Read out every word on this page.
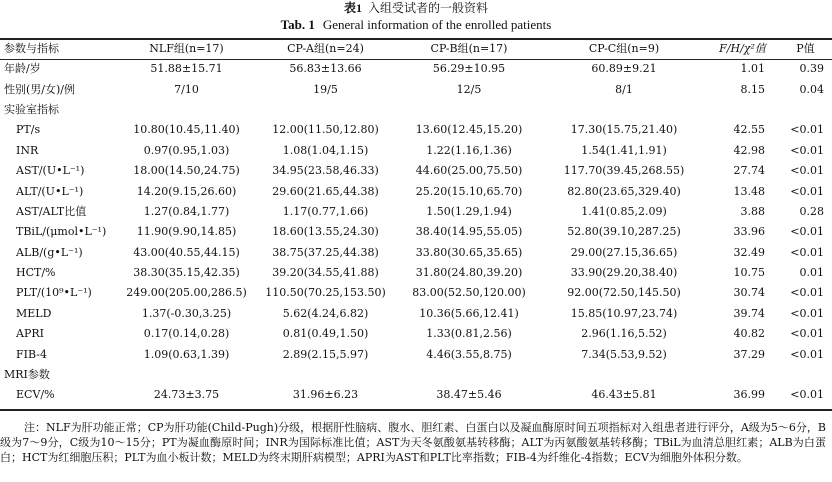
表1 入组受试者的一般资料
Tab. 1 General information of the enrolled patients
参数与指标	NLF组(n=17)	CP-A组(n=24)	CP-B组(n=17)	CP-C组(n=9)	F/H/χ²值	P值
年龄/岁	51.88±15.71	56.83±13.66	56.29±10.95	60.89±9.21	1.01	0.39
性别(男/女)/例	7/10	19/5	12/5	8/1	8.15	0.04
实验室指标						
PT/s	10.80(10.45,11.40)	12.00(11.50,12.80)	13.60(12.45,15.20)	17.30(15.75,21.40)	42.55	<0.01
INR	0.97(0.95,1.03)	1.08(1.04,1.15)	1.22(1.16,1.36)	1.54(1.41,1.91)	42.98	<0.01
AST/(U•L⁻¹)	18.00(14.50,24.75)	34.95(23.58,46.33)	44.60(25.00,75.50)	117.70(39.45,268.55)	27.74	<0.01
ALT/(U•L⁻¹)	14.20(9.15,26.60)	29.60(21.65,44.38)	25.20(15.10,65.70)	82.80(23.65,329.40)	13.48	<0.01
AST/ALT比值	1.27(0.84,1.77)	1.17(0.77,1.66)	1.50(1.29,1.94)	1.41(0.85,2.09)	3.88	0.28
TBiL/(μmol•L⁻¹)	11.90(9.90,14.85)	18.60(13.55,24.30)	38.40(14.95,55.05)	52.80(39.10,287.25)	33.96	<0.01
ALB/(g•L⁻¹)	43.00(40.55,44.15)	38.75(37.25,44.38)	33.80(30.65,35.65)	29.00(27.15,36.65)	32.49	<0.01
HCT/%	38.30(35.15,42.35)	39.20(34.55,41.88)	31.80(24.80,39.20)	33.90(29.20,38.40)	10.75	0.01
PLT/(10⁹•L⁻¹)	249.00(205.00,286.5)	110.50(70.25,153.50)	83.00(52.50,120.00)	92.00(72.50,145.50)	30.74	<0.01
MELD	1.37(-0.30,3.25)	5.62(4.24,6.82)	10.36(5.66,12.41)	15.85(10.97,23.74)	39.74	<0.01
APRI	0.17(0.14,0.28)	0.81(0.49,1.50)	1.33(0.81,2.56)	2.96(1.16,5.52)	40.82	<0.01
FIB-4	1.09(0.63,1.39)	2.89(2.15,5.97)	4.46(3.55,8.75)	7.34(5.53,9.52)	37.29	<0.01
MRI参数						
ECV/%	24.73±3.75	31.96±6.23	38.47±5.46	46.43±5.81	36.99	<0.01
注：NLF为肝功能正常；CP为肝功能(Child-Pugh)分级，根据肝性脑病、腹水、胆红素、白蛋白以及凝血酶原时间五项指标对入组患者进行评分，A级为5～6分，B级为7～9分，C级为10～15分；PT为凝血酶原时间；INR为国际标准比值；AST为天冬氨酸氨基转移酶；ALT为丙氨酸氨基转移酶；TBiL为血清总胆红素；ALB为白蛋白；HCT为红细胞压积；PLT为血小板计数；MELD为终末期肝病模型；APRI为AST和PLT比率指数；FIB-4为纤维化-4指数；ECV为细胞外体积分数。
